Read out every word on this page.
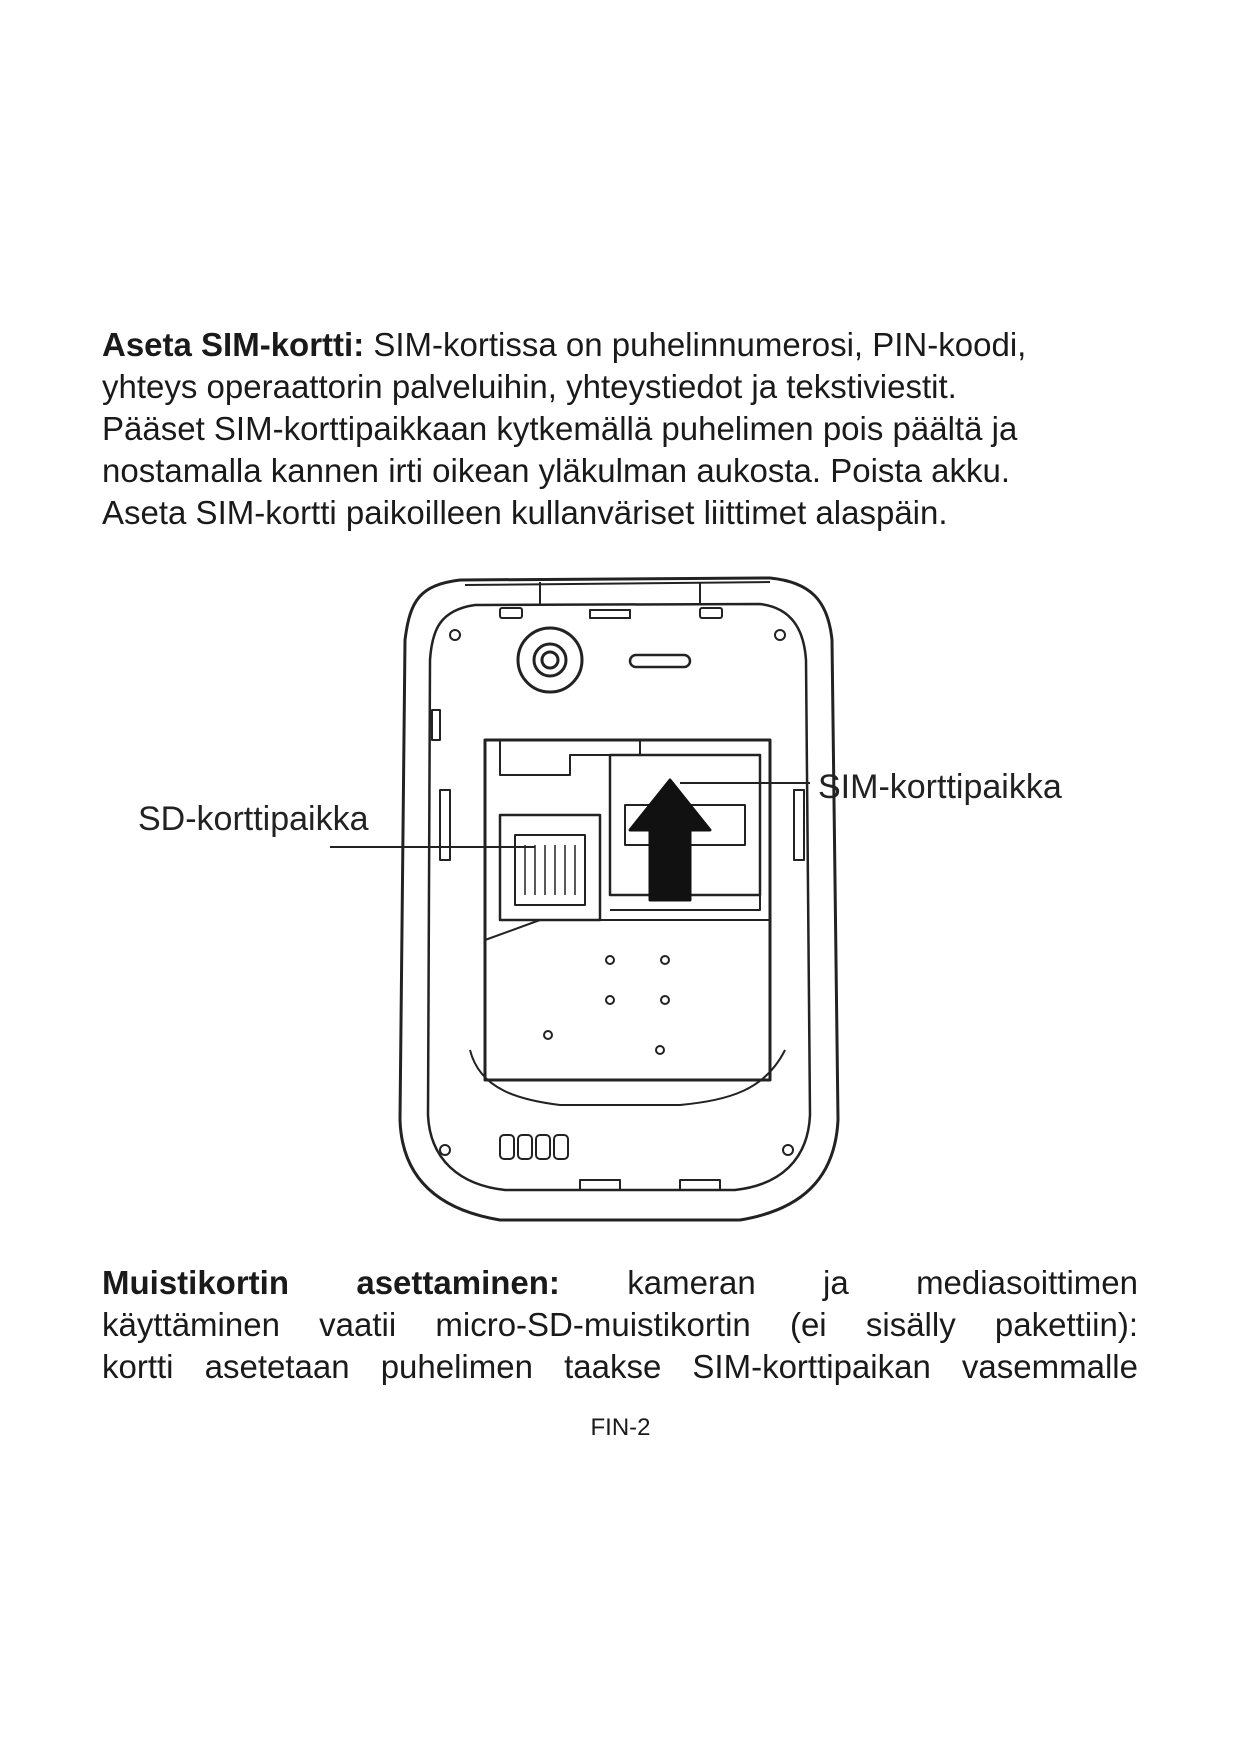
Aseta SIM-kortti: SIM-kortissa on puhelinnumerosi, PIN-koodi,
yhteys operaattorin palveluihin, yhteystiedot ja tekstiviestit.
Pääset SIM-korttipaikkaan kytkemällä puhelimen pois päältä ja
nostamalla kannen irti oikean yläkulman aukosta. Poista akku.
Aseta SIM-kortti paikoilleen kullanväriset liittimet alaspäin.
SD-korttipaikka
SIM-korttipaikka
Muistikortin asettaminen: kameran ja mediasoittimen
käyttäminen vaatii micro-SD-muistikortin (ei sisälly pakettiin):
kortti asetetaan puhelimen taakse SIM-korttipaikan vasemmalle
FIN-2
